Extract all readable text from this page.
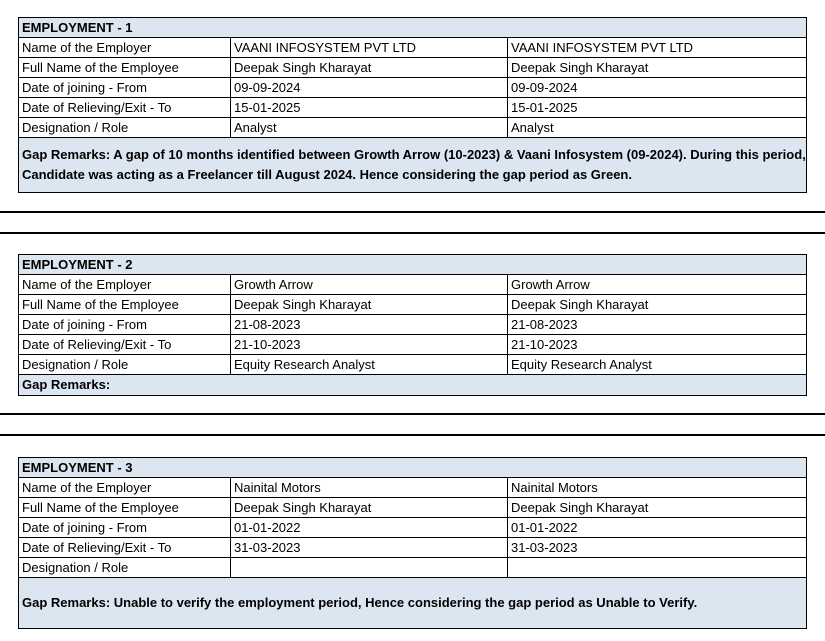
EMPLOYMENT - 1		
Name of the Employer	VAANI INFOSYSTEM PVT LTD	VAANI INFOSYSTEM PVT LTD
Full Name of the Employee	Deepak Singh Kharayat	Deepak Singh Kharayat
Date of joining - From	09-09-2024	09-09-2024
Date of Relieving/Exit - To	15-01-2025	15-01-2025
Designation / Role	Analyst	Analyst
Gap Remarks: A gap of 10 months identified between Growth Arrow (10-2023) & Vaani Infosystem (09-2024). During this period, Candidate was acting as a Freelancer till August 2024. Hence considering the gap period as Green.		
EMPLOYMENT - 2		
Name of the Employer	Growth Arrow	Growth Arrow
Full Name of the Employee	Deepak Singh Kharayat	Deepak Singh Kharayat
Date of joining - From	21-08-2023	21-08-2023
Date of Relieving/Exit - To	21-10-2023	21-10-2023
Designation / Role	Equity Research Analyst	Equity Research Analyst
Gap Remarks:		
EMPLOYMENT - 3		
Name of the Employer	Nainital Motors	Nainital Motors
Full Name of the Employee	Deepak Singh Kharayat	Deepak Singh Kharayat
Date of joining - From	01-01-2022	01-01-2022
Date of Relieving/Exit - To	31-03-2023	31-03-2023
Designation / Role		
Gap Remarks: Unable to verify the employment period, Hence considering the gap period as Unable to Verify.		
